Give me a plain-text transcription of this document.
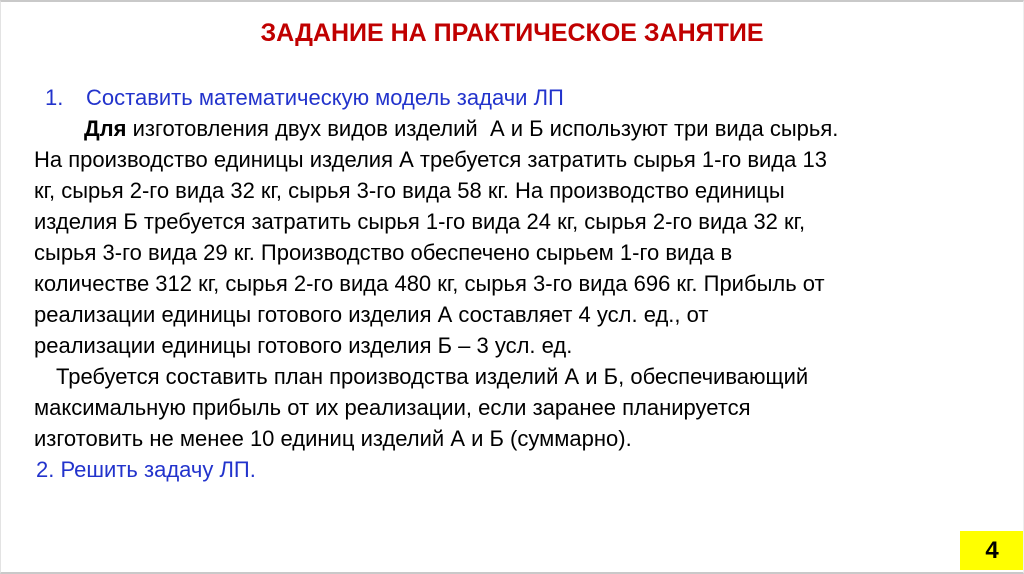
ЗАДАНИЕ НА ПРАКТИЧЕСКОЕ ЗАНЯТИЕ
1. Составить математическую модель задачи ЛП
Для изготовления двух видов изделий  А и Б используют три вида сырья.
На производство единицы изделия А требуется затратить сырья 1-го вида 13
кг, сырья 2-го вида 32 кг, сырья 3-го вида 58 кг. На производство единицы
изделия Б требуется затратить сырья 1-го вида 24 кг, сырья 2-го вида 32 кг,
сырья 3-го вида 29 кг. Производство обеспечено сырьем 1-го вида в
количестве 312 кг, сырья 2-го вида 480 кг, сырья 3-го вида 696 кг. Прибыль от
реализации единицы готового изделия А составляет 4 усл. ед., от
реализации единицы готового изделия Б – 3 усл. ед.
Требуется составить план производства изделий А и Б, обеспечивающий
максимальную прибыль от их реализации, если заранее планируется
изготовить не менее 10 единиц изделий А и Б (суммарно).
2. Решить задачу ЛП.
4
